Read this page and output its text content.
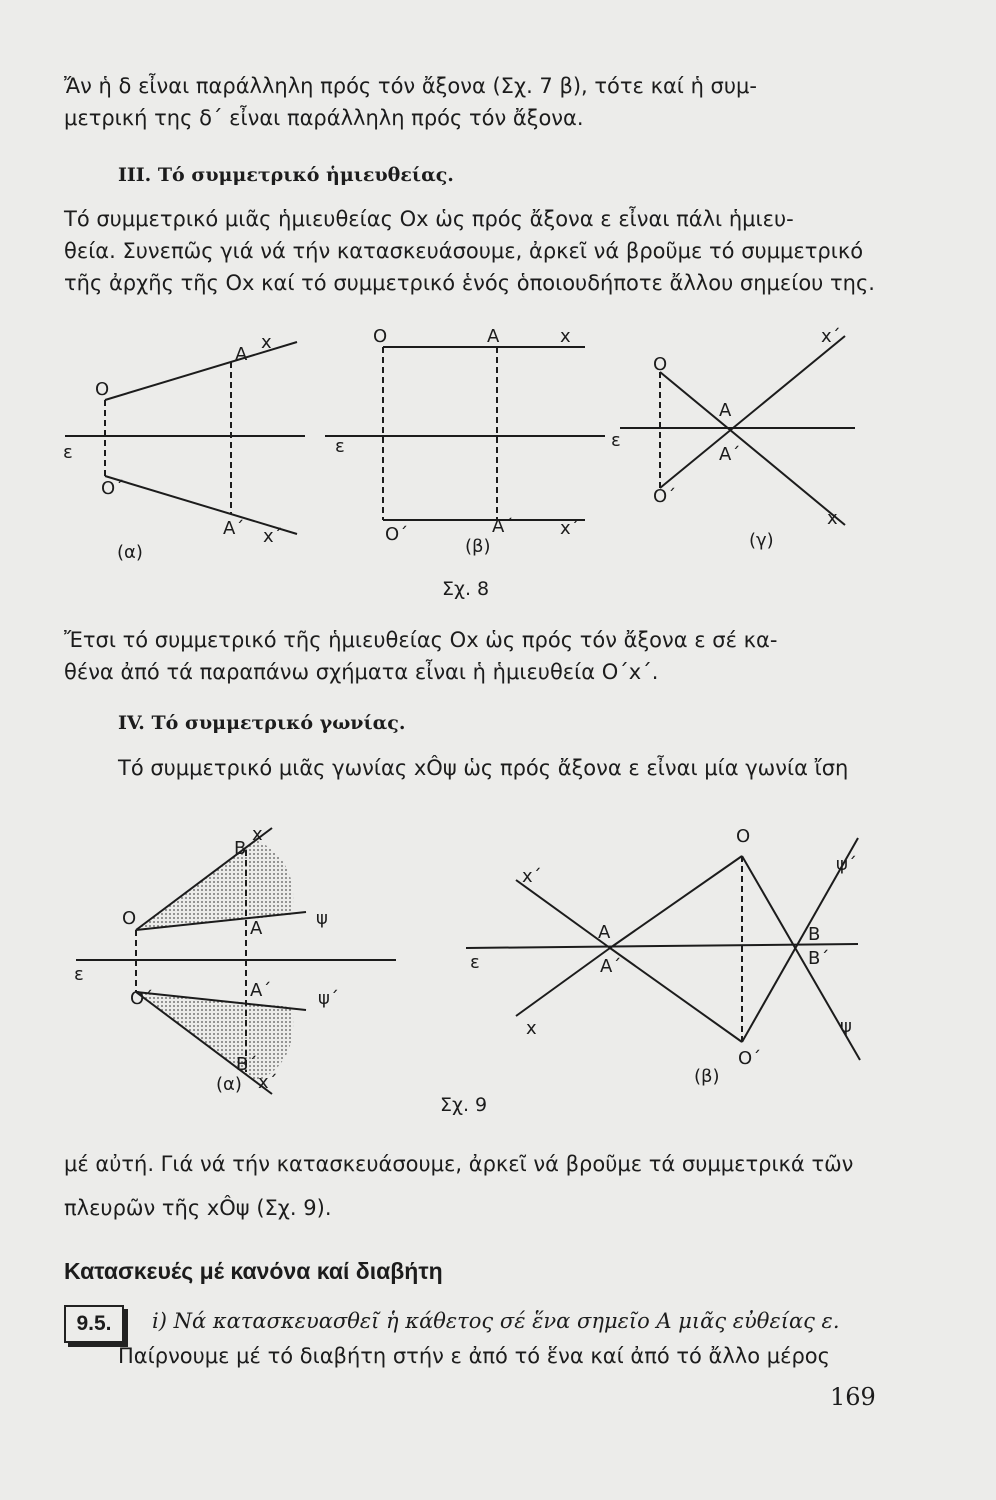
Ἄν ἡ δ εἶναι παράλληλη πρός τόν ἄξονα (Σχ. 7 β), τότε καί ἡ συμ-
μετρική της δ΄ εἶναι παράλληλη πρός τόν ἄξονα.

III. Τό συμμετρικό ἡμιευθείας.

Τό συμμετρικό μιᾶς ἡμιευθείας Ox ὡς πρός ἄξονα ε εἶναι πάλι ἡμιευ-
θεία. Συνεπῶς γιά νά τήν κατασκευάσουμε, ἀρκεῖ νά βροῦμε τό συμμετρικό
τῆς ἀρχῆς τῆς Ox καί τό συμμετρικό ἑνός ὁποιουδήποτε ἄλλου σημείου της.

A
x
O
ε
O΄
A΄ x΄
(α)
O	A	x
ε
O΄	A΄	x΄
(β)
O
A
x΄
ε
A΄
O΄
x
(γ)
Σχ. 8

Ἔτσι τό συμμετρικό τῆς ἡμιευθείας Ox ὡς πρός τόν ἄξονα ε σέ κα-
θένα ἀπό τά παραπάνω σχήματα εἶναι ἡ ἡμιευθεία O΄x΄.

IV. Τό συμμετρικό γωνίας.

Τό συμμετρικό μιᾶς γωνίας xÔψ ὡς πρός ἄξονα ε εἶναι μία γωνία ἴση

B
x
O	A	ψ
ε
O΄	A΄	ψ΄
B΄
x΄
(α)
O
x΄
ψ΄
A	B
ε	A΄	B΄
x	ψ
O΄
(β)
Σχ. 9

μέ αὐτή. Γιά νά τήν κατασκευάσουμε, ἀρκεῖ νά βροῦμε τά συμμετρικά τῶν
πλευρῶν τῆς xÔψ (Σχ. 9).

Κατασκευές μέ κανόνα καί διαβήτη
9.5.	i) Νά κατασκευασθεῖ ἡ κάθετος σέ ἕνα σημεῖο A μιᾶς εὐθείας ε.

Παίρνουμε μέ τό διαβήτη στήν ε ἀπό τό ἕνα καί ἀπό τό ἄλλο μέρος

169
